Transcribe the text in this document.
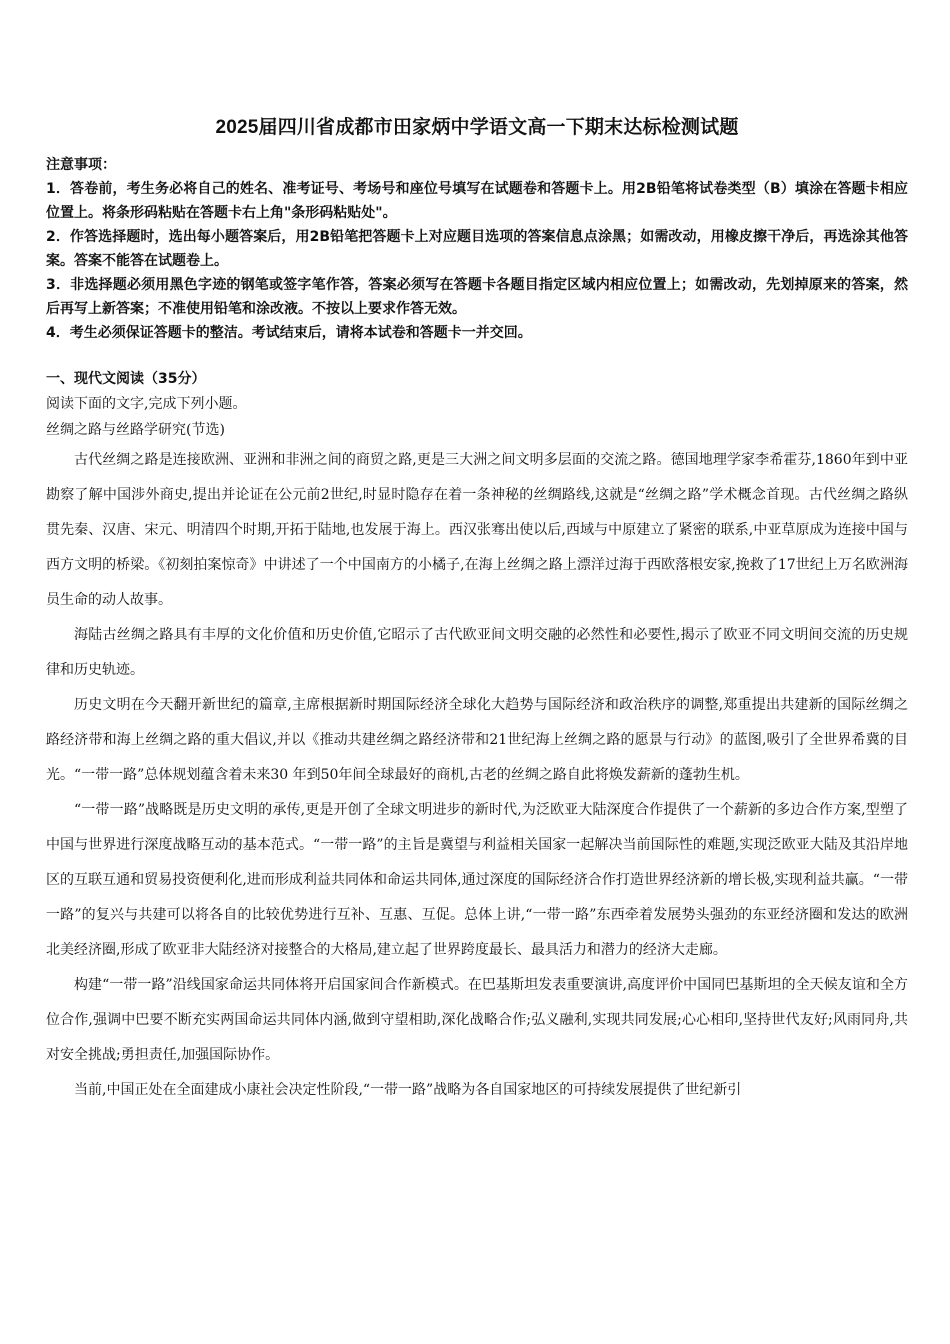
2025届四川省成都市田家炳中学语文高一下期末达标检测试题
注意事项：
1．答卷前，考生务必将自己的姓名、准考证号、考场号和座位号填写在试题卷和答题卡上。用2B铅笔将试卷类型（B）填涂在答题卡相应位置上。将条形码粘贴在答题卡右上角"条形码粘贴处"。
2．作答选择题时，选出每小题答案后，用2B铅笔把答题卡上对应题目选项的答案信息点涂黑；如需改动，用橡皮擦干净后，再选涂其他答案。答案不能答在试题卷上。
3．非选择题必须用黑色字迹的钢笔或签字笔作答，答案必须写在答题卡各题目指定区域内相应位置上；如需改动，先划掉原来的答案，然后再写上新答案；不准使用铅笔和涂改液。不按以上要求作答无效。
4．考生必须保证答题卡的整洁。考试结束后，请将本试卷和答题卡一并交回。
一、现代文阅读（35分）
阅读下面的文字,完成下列小题。
丝绸之路与丝路学研究(节选)

古代丝绸之路是连接欧洲、亚洲和非洲之间的商贸之路,更是三大洲之间文明多层面的交流之路。德国地理学家李希霍芬,1860年到中亚勘察了解中国涉外商史,提出并论证在公元前2世纪,时显时隐存在着一条神秘的丝绸路线,这就是“丝绸之路”学术概念首现。古代丝绸之路纵贯先秦、汉唐、宋元、明清四个时期,开拓于陆地,也发展于海上。西汉张骞出使以后,西域与中原建立了紧密的联系,中亚草原成为连接中国与西方文明的桥梁。《初刻拍案惊奇》中讲述了一个中国南方的小橘子,在海上丝绸之路上漂洋过海于西欧落根安家,挽救了17世纪上万名欧洲海员生命的动人故事。

海陆古丝绸之路具有丰厚的文化价值和历史价值,它昭示了古代欧亚间文明交融的必然性和必要性,揭示了欧亚不同文明间交流的历史规律和历史轨迹。

历史文明在今天翻开新世纪的篇章,主席根据新时期国际经济全球化大趋势与国际经济和政治秩序的调整,郑重提出共建新的国际丝绸之路经济带和海上丝绸之路的重大倡议,并以《推动共建丝绸之路经济带和21世纪海上丝绸之路的愿景与行动》的蓝图,吸引了全世界希冀的目光。“一带一路”总体规划蕴含着未来30 年到50年间全球最好的商机,古老的丝绸之路自此将焕发薪新的蓬勃生机。

“一带一路”战略既是历史文明的承传,更是开创了全球文明进步的新时代,为泛欧亚大陆深度合作提供了一个薪新的多边合作方案,型塑了中国与世界进行深度战略互动的基本范式。“一带一路”的主旨是冀望与利益相关国家一起解决当前国际性的难题,实现泛欧亚大陆及其沿岸地区的互联互通和贸易投资便利化,进而形成利益共同体和命运共同体,通过深度的国际经济合作打造世界经济新的增长极,实现利益共赢。“一带一路”的复兴与共建可以将各自的比较优势进行互补、互惠、互促。总体上讲,“一带一路”东西牵着发展势头强劲的东亚经济圈和发达的欧洲北美经济圈,形成了欧亚非大陆经济对接整合的大格局,建立起了世界跨度最长、最具活力和潜力的经济大走廊。

构建“一带一路”沿线国家命运共同体将开启国家间合作新模式。在巴基斯坦发表重要演讲,高度评价中国同巴基斯坦的全天候友谊和全方位合作,强调中巴要不断充实两国命运共同体内涵,做到守望相助,深化战略合作;弘义融利,实现共同发展;心心相印,坚持世代友好;风雨同舟,共对安全挑战;勇担责任,加强国际协作。

当前,中国正处在全面建成小康社会决定性阶段,“一带一路”战略为各自国家地区的可持续发展提供了世纪新引
